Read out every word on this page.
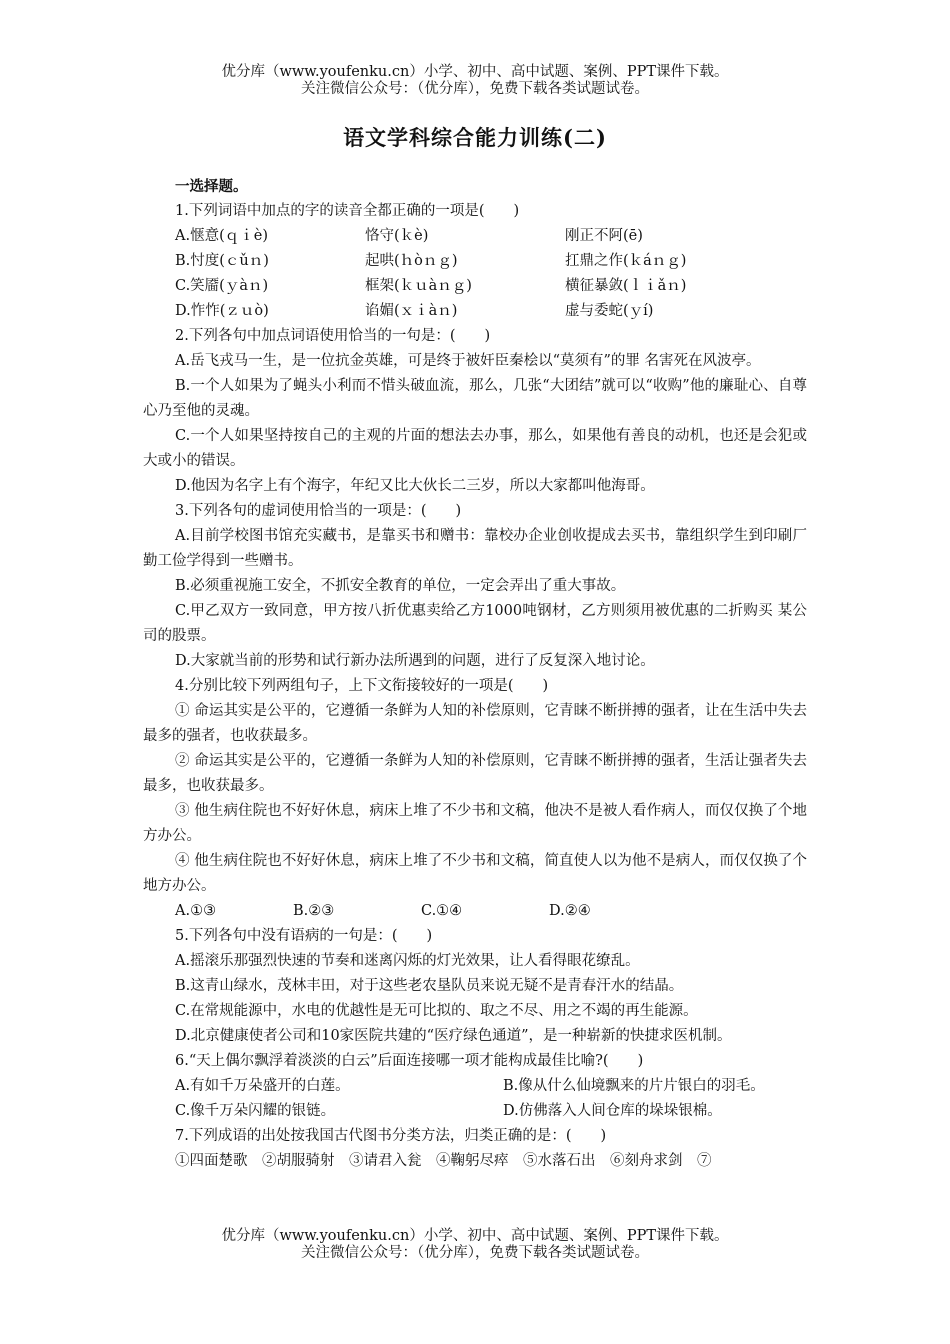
优分库（www.youfenku.cn）小学、初中、高中试题、案例、PPT课件下载。
关注微信公众号：（优分库），免费下载各类试题试卷。
语文学科综合能力训练(二)
一选择题。
1.下列词语中加点的字的读音全都正确的一项是(　　)
A.惬意(ｑｉè)	恪守(ｋè)	刚正不阿(ē)
B.忖度(ｃǔｎ)	起哄(ｈòｎｇ)	扛鼎之作(ｋáｎｇ)
C.笑靥(ｙàｎ)	框架(ｋｕàｎｇ)	横征暴敛(ｌｉǎｎ)
D.怍怍(ｚｕò)	谄媚(ｘｉàｎ)	虚与委蛇(ｙí)
2.下列各句中加点词语使用恰当的一句是：(　　)
A.岳飞戎马一生，是一位抗金英雄，可是终于被奸臣秦桧以“莫须有”的罪 名害死在风波亭。
B.一个人如果为了蝇头小利而不惜头破血流，那么，几张“大团结”就可以“收购”他的廉耻心、自尊心乃至他的灵魂。
C.一个人如果坚持按自己的主观的片面的想法去办事，那么，如果他有善良的动机，也还是会犯或大或小的错误。
D.他因为名字上有个海字，年纪又比大伙长二三岁，所以大家都叫他海哥。
3.下列各句的虚词使用恰当的一项是：(　　)
A.目前学校图书馆充实藏书，是靠买书和赠书：靠校办企业创收提成去买书，靠组织学生到印刷厂勤工俭学得到一些赠书。
B.必须重视施工安全，不抓安全教育的单位，一定会弄出了重大事故。
C.甲乙双方一致同意，甲方按八折优惠卖给乙方1000吨钢材，乙方则须用被优惠的二折购买 某公司的股票。
D.大家就当前的形势和试行新办法所遇到的问题，进行了反复深入地讨论。
4.分别比较下列两组句子，上下文衔接较好的一项是(　　)
① 命运其实是公平的，它遵循一条鲜为人知的补偿原则，它青睐不断拼搏的强者，让在生活中失去最多的强者，也收获最多。
② 命运其实是公平的，它遵循一条鲜为人知的补偿原则，它青睐不断拼搏的强者，生活让强者失去最多，也收获最多。
③ 他生病住院也不好好休息，病床上堆了不少书和文稿，他决不是被人看作病人，而仅仅换了个地方办公。
④ 他生病住院也不好好休息，病床上堆了不少书和文稿，简直使人以为他不是病人，而仅仅换了个地方办公。
A.①③	B.②③	C.①④	D.②④
5.下列各句中没有语病的一句是：(　　)
A.摇滚乐那强烈快速的节奏和迷离闪烁的灯光效果，让人看得眼花缭乱。
B.这青山绿水，茂林丰田，对于这些老农垦队员来说无疑不是青春汗水的结晶。
C.在常规能源中，水电的优越性是无可比拟的、取之不尽、用之不竭的再生能源。
D.北京健康使者公司和10家医院共建的“医疗绿色通道”，是一种崭新的快捷求医机制。
6.“天上偶尔飘浮着淡淡的白云”后面连接哪一项才能构成最佳比喻?(　　)
A.有如千万朵盛开的白莲。	B.像从什么仙境飘来的片片银白的羽毛。
C.像千万朵闪耀的银链。	D.仿佛落入人间仓库的垛垛银棉。
7.下列成语的出处按我国古代图书分类方法，归类正确的是：(　　)
①四面楚歌　②胡服骑射　③请君入瓮　④鞠躬尽瘁　⑤水落石出　⑥刻舟求剑　⑦
优分库（www.youfenku.cn）小学、初中、高中试题、案例、PPT课件下载。
关注微信公众号：（优分库），免费下载各类试题试卷。
